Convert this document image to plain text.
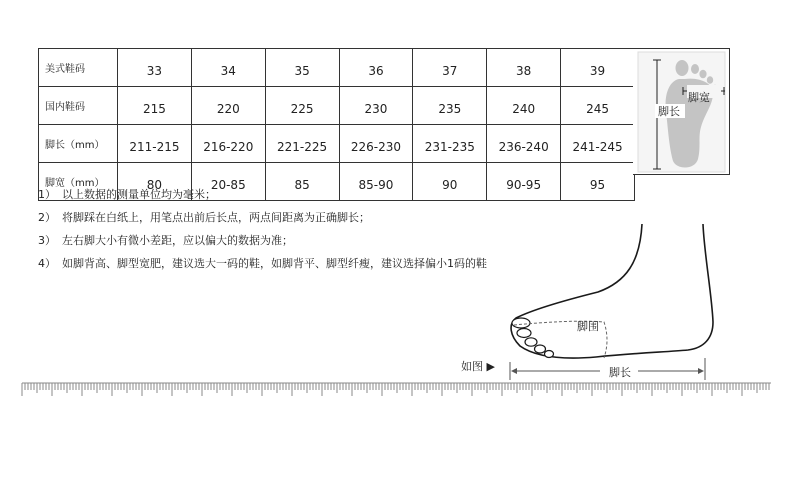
美式鞋码	33	34	35	36	37	38	39
国内鞋码	215	220	225	230	235	240	245
脚长（mm）	211-215	216-220	221-225	226-230	231-235	236-240	241-245
脚宽（mm）	80	20-85	85	85-90	90	90-95	95
脚宽
脚长
1） 以上数据的测量单位均为毫米；
2） 将脚踩在白纸上，用笔点出前后长点，两点间距离为正确脚长；
3） 左右脚大小有微小差距，应以偏大的数据为准；
4） 如脚背高、脚型宽肥，建议选大一码的鞋，如脚背平、脚型纤瘦，建议选择偏小1码的鞋
脚围
脚长
如图 ▶
